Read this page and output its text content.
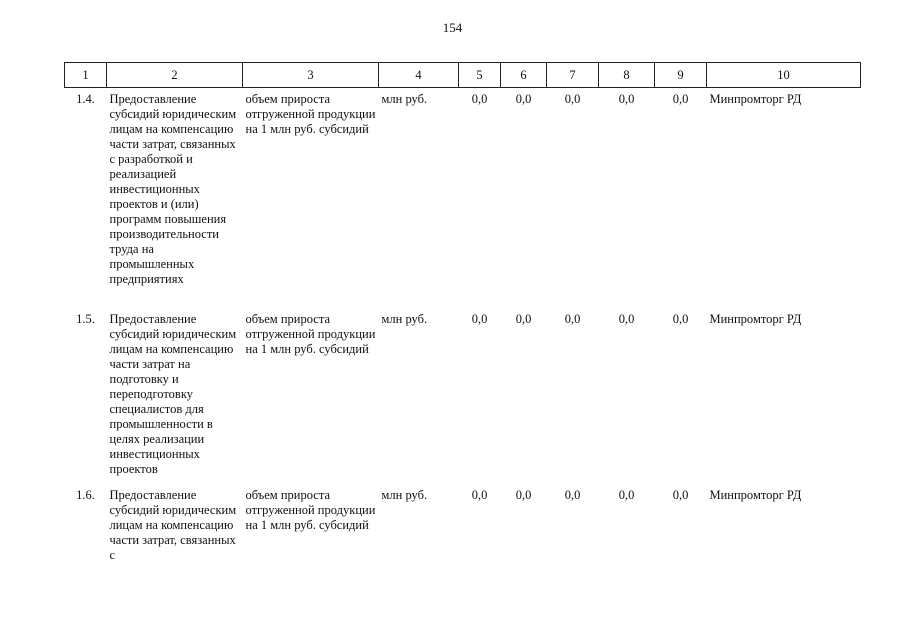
154
1	2	3	4	5	6	7	8	9	10
1.4.	Предоставление субсидий юридическим лицам на компенсацию части затрат, связанных с разработкой и реализацией инвестиционных проектов и (или) программ повышения производительности труда на промышленных предприятиях	объем прироста отгруженной продукции на 1 млн руб. субсидий	млн руб.	0,0	0,0	0,0	0,0	0,0	Минпромторг РД
1.5.	Предоставление субсидий юридическим лицам на компенсацию части затрат на подготовку и переподготовку специалистов для промышленности в целях реализации инвестиционных проектов	объем прироста отгруженной продукции на 1 млн руб. субсидий	млн руб.	0,0	0,0	0,0	0,0	0,0	Минпромторг РД
1.6.	Предоставление субсидий юридическим лицам на компенсацию части затрат, связанных с	объем прироста отгруженной продукции на 1 млн руб. субсидий	млн руб.	0,0	0,0	0,0	0,0	0,0	Минпромторг РД
